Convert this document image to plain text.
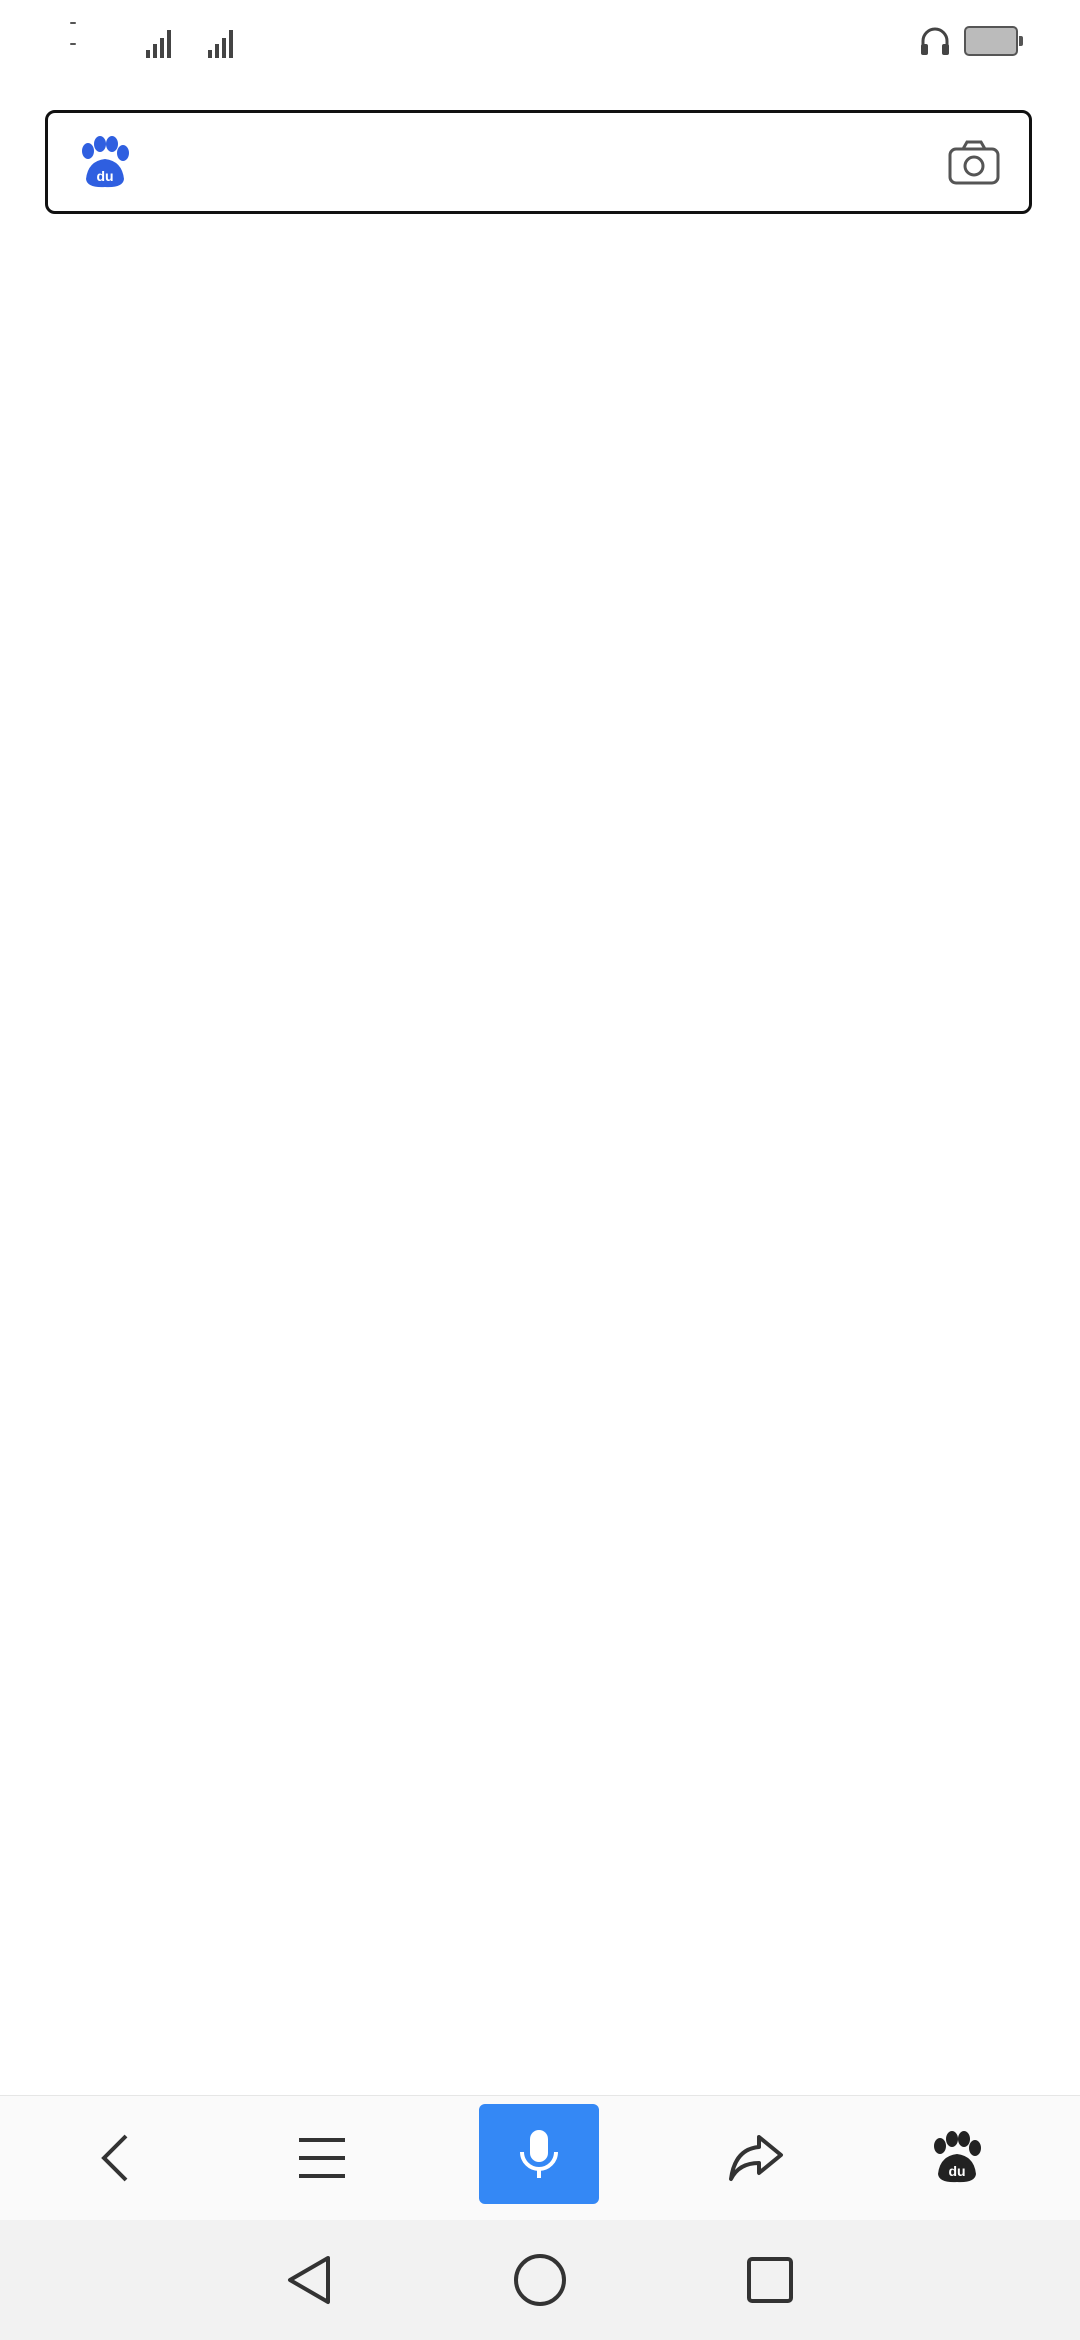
du
du
